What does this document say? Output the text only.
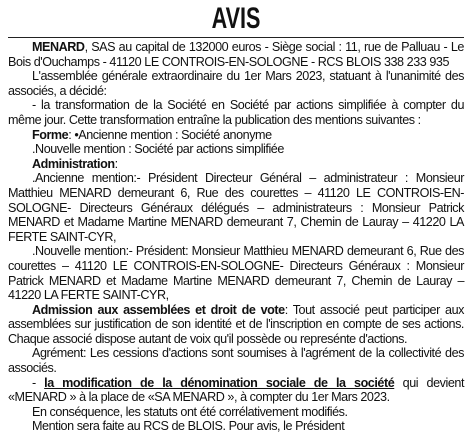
AVIS

MENARD, SAS au capital de 132000 euros - Siège social : 11, rue de Palluau - Le Bois d'Ouchamps - 41120 LE CONTROIS-EN-SOLOGNE - RCS BLOIS 338 233 935

L'assemblée générale extraordinaire du 1er Mars 2023, statuant à l'unanimité des associés, a décidé:

- la transformation de la Société en Société par actions simplifiée à compter du même jour. Cette transformation entraîne la publication des mentions suivantes :

Forme: •Ancienne mention : Société anonyme

.Nouvelle mention : Société par actions simplifiée

Administration:

.Ancienne mention:- Président Directeur Général – administrateur : Monsieur Matthieu MENARD demeurant 6, Rue des courettes – 41120 LE CONTROIS-EN-SOLOGNE- Directeurs Généraux délégués – administrateurs : Monsieur Patrick MENARD et Madame Martine MENARD demeurant 7, Chemin de Lauray – 41220 LA FERTE SAINT-CYR,

.Nouvelle mention:- Président: Monsieur Matthieu MENARD demeurant 6, Rue des courettes – 41120 LE CONTROIS-EN-SOLOGNE- Directeurs Généraux : Monsieur Patrick MENARD et Madame Martine MENARD demeurant 7, Chemin de Lauray – 41220 LA FERTE SAINT-CYR,

Admission aux assemblées et droit de vote: Tout associé peut participer aux assemblées sur justification de son identité et de l'inscription en compte de ses actions. Chaque associé dispose autant de voix qu'il possède ou represénte d'actions.

Agrément: Les cessions d'actions sont soumises à l'agrément de la collectivité des associés.

- la modification de la dénomination sociale de la société qui devient «MENARD » à la place de «SA MENARD », à compter du 1er Mars 2023.

En conséquence, les statuts ont été corrélativement modifiés.

Mention sera faite au RCS de BLOIS. Pour avis, le Président
